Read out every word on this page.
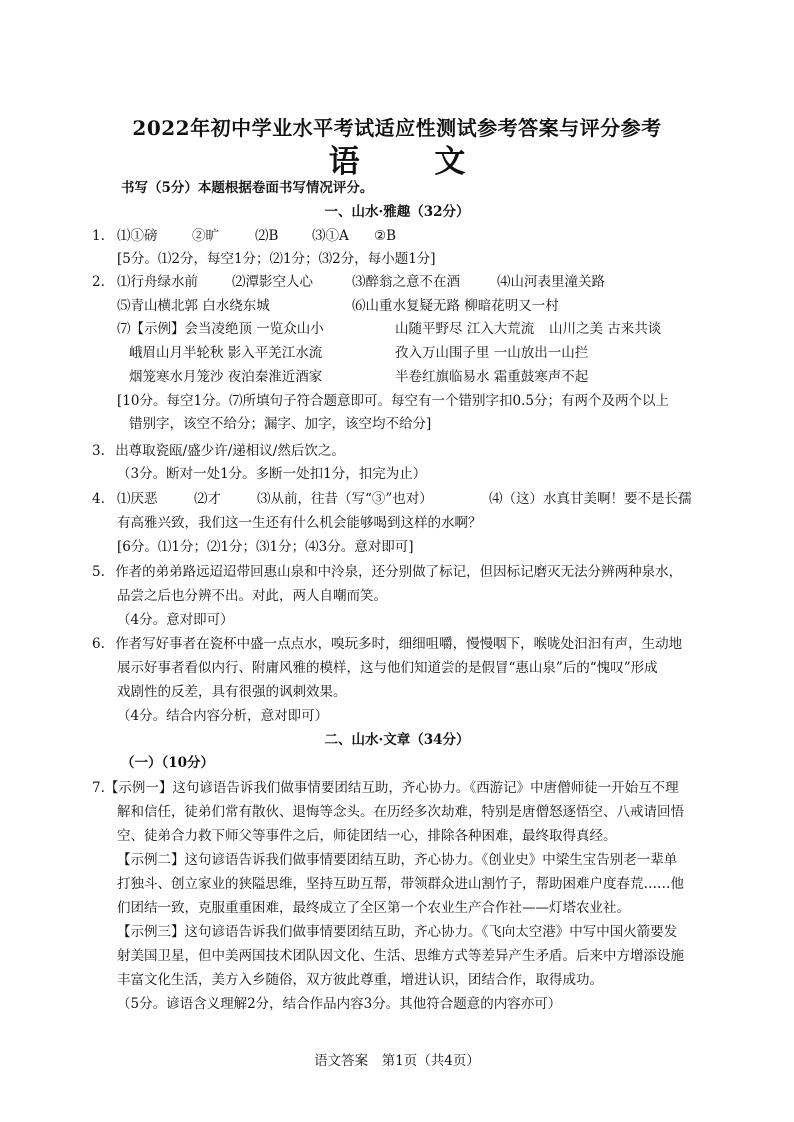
2022年初中学业水平考试适应性测试参考答案与评分参考
语 文
书写（5分）本题根据卷面书写情况评分。
一、山水·雅趣（32分）
1. ⑴①磅	②旷	⑵B ⑶①A ②B
[5分。⑴2分，每空1分；⑵1分；⑶2分，每小题1分]
2. ⑴行舟绿水前	⑵潭影空人心	⑶醉翁之意不在酒	⑷山河表里潼关路
⑸青山横北郭 白水绕东城	⑹山重水复疑无路 柳暗花明又一村
⑺【示例】会当凌绝顶 一览众山小	山随平野尽 江入大荒流 山川之美 古来共谈
峨眉山月半轮秋 影入平羌江水流	孜入万山围子里 一山放出一山拦
烟笼寒水月笼沙 夜泊秦淮近酒家	半卷红旗临易水 霜重鼓寒声不起
[10分。每空1分。⑺所填句子符合题意即可。每空有一个错别字扣0.5分；有两个及两个以上
错别字，该空不给分；漏字、加字，该空均不给分]
3. 出尊取瓷瓯/盛少许/递相议/然后饮之。
（3分。断对一处1分。多断一处扣1分，扣完为止）
4. ⑴厌恶	⑵才	⑶从前，往昔（写“③”也对）	⑷（这）水真甘美啊！要不是长孺
有高雅兴致，我们这一生还有什么机会能够喝到这样的水啊？
[6分。⑴1分；⑵1分；⑶1分；⑷3分。意对即可]
5. 作者的弟弟路远迢迢带回惠山泉和中泠泉，还分别做了标记，但因标记磨灭无法分辨两种泉水，
品尝之后也分辨不出。对此，两人自嘲而笑。
（4分。意对即可）
6. 作者写好事者在瓷杯中盛一点点水，嗅玩多时，细细咀嚼，慢慢咽下，喉咙处汩汩有声，生动地
展示好事者看似内行、附庸风雅的模样，这与他们知道尝的是假冒“惠山泉”后的“愧叹”形成
戏剧性的反差，具有很强的讽刺效果。
（4分。结合内容分析，意对即可）
二、山水·文章（34分）
（一）（10分）
7.【示例一】这句谚语告诉我们做事情要团结互助，齐心协力。《西游记》中唐僧师徒一开始互不理
解和信任，徒弟们常有散伙、退悔等念头。在历经多次劫难，特别是唐僧怒逐悟空、八戒请回悟
空、徒弟合力救下师父等事件之后，师徒团结一心，排除各种困难，最终取得真经。
【示例二】这句谚语告诉我们做事情要团结互助，齐心协力。《创业史》中梁生宝告别老一辈单
打独斗、创立家业的狭隘思维，坚持互助互帮，带领群众进山割竹子，帮助困难户度春荒……他
们团结一致，克服重重困难，最终成立了全区第一个农业生产合作社——灯塔农业社。
【示例三】这句谚语告诉我们做事情要团结互助，齐心协力。《飞向太空港》中写中国火箭要发
射美国卫星，但中美两国技术团队因文化、生活、思维方式等差异产生矛盾。后来中方增添设施
丰富文化生活，美方入乡随俗，双方彼此尊重，增进认识，团结合作，取得成功。
（5分。谚语含义理解2分，结合作品内容3分。其他符合题意的内容亦可）
语文答案　第1页（共4页）
